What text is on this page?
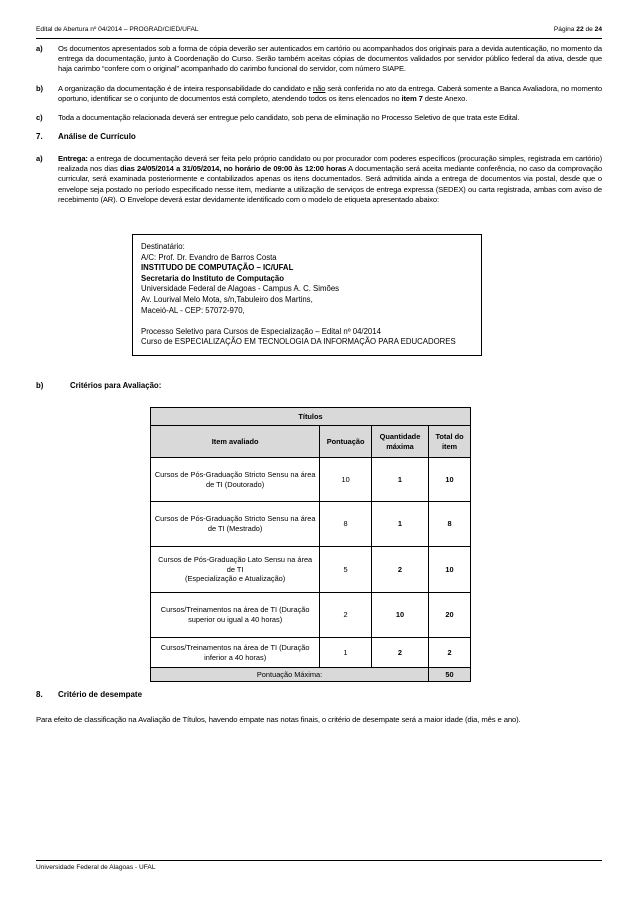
Edital de Abertura nº 04/2014 – PROGRAD/CIED/UFAL	Página 22 de 24
a) Os documentos apresentados sob a forma de cópia deverão ser autenticados em cartório ou acompanhados dos originais para a devida autenticação, no momento da entrega da documentação, junto à Coordenação do Curso. Serão também aceitas cópias de documentos validados por servidor público federal da ativa, desde que haja carimbo “confere com o original” acompanhado do carimbo funcional do servidor, com número SIAPE.
b) A organização da documentação é de inteira responsabilidade do candidato e não será conferida no ato da entrega. Caberá somente a Banca Avaliadora, no momento oportuno, identificar se o conjunto de documentos está completo, atendendo todos os itens elencados no item 7 deste Anexo.
c) Toda a documentação relacionada deverá ser entregue pelo candidato, sob pena de eliminação no Processo Seletivo de que trata este Edital.
7. Análise de Currículo
a) Entrega: a entrega de documentação deverá ser feita pelo próprio candidato ou por procurador com poderes específicos (procuração simples, registrada em cartório) realizada nos dias dias 24/05/2014 a 31/05/2014, no horário de 09:00 às 12:00 horas A documentação será aceita mediante conferência, no caso da comprovação curricular, será examinada posteriormente e contabilizados apenas os itens documentados. Será admitida ainda a entrega de documentos via postal, desde que o envelope seja postado no período especificado nesse item, mediante a utilização de serviços de entrega expressa (SEDEX) ou carta registrada, ambas com aviso de recebimento (AR). O Envelope deverá estar devidamente identificado com o modelo de etiqueta apresentado abaixo:
Destinatário:
A/C: Prof. Dr. Evandro de Barros Costa
INSTITUDO DE COMPUTAÇÃO – IC/UFAL
Secretaria do Instituto de Computação
Universidade Federal de Alagoas - Campus A. C. Simões
Av. Lourival Melo Mota, s/n,Tabuleiro dos Martins,
Maceió-AL - CEP: 57072-970,
Processo Seletivo para Cursos de Especialização – Edital nº 04/2014
Curso de ESPECIALIZAÇÃO EM TECNOLOGIA DA INFORMAÇÃO PARA EDUCADORES
b)	Critérios para Avaliação:
Títulos			
Item avaliado	Pontuação	Quantidade máxima	Total do item
Cursos de Pós-Graduação Stricto Sensu na área de TI (Doutorado)	10	1	10
Cursos de Pós-Graduação Stricto Sensu na área de TI (Mestrado)	8	1	8
Cursos de Pós-Graduação Lato Sensu na área de TI
(Especialização e Atualização)	5	2	10
Cursos/Treinamentos na área de TI (Duração superior ou igual a 40 horas)	2	10	20
Cursos/Treinamentos na área de TI (Duração inferior a 40 horas)	1	2	2
Pontuação Máxima:			50
8. Critério de desempate
Para efeito de classificação na Avaliação de Títulos, havendo empate nas notas finais, o critério de desempate será a maior idade (dia, mês e ano).
Universidade Federal de Alagoas - UFAL
